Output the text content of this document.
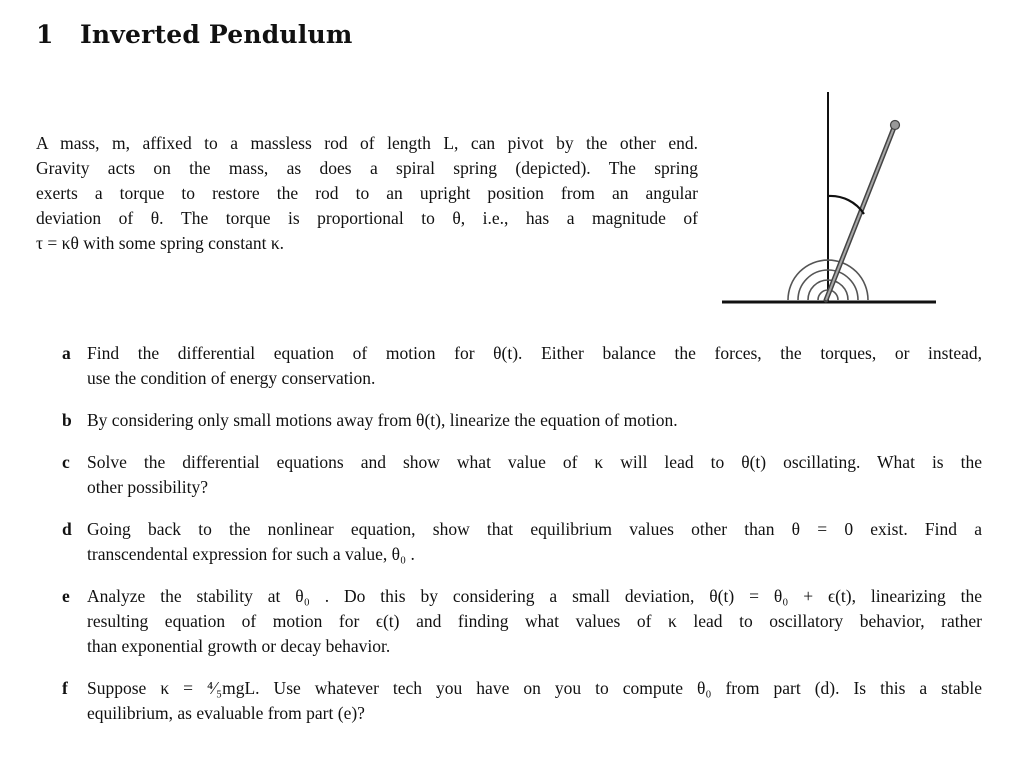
1 Inverted Pendulum
A mass, m, affixed to a massless rod of length L, can pivot by the other end.
Gravity acts on the mass, as does a spiral spring (depicted). The spring
exerts a torque to restore the rod to an upright position from an angular
deviation of θ. The torque is proportional to θ, i.e., has a magnitude of
τ = κθ with some spring constant κ.
a Find the differential equation of motion for θ(t). Either balance the forces, the torques, or instead,
use the condition of energy conservation.
b By considering only small motions away from θ(t), linearize the equation of motion.
c Solve the differential equations and show what value of κ will lead to θ(t) oscillating. What is the
other possibility?
d Going back to the nonlinear equation, show that equilibrium values other than θ = 0 exist. Find a
transcendental expression for such a value, θ₀ .
e Analyze the stability at θ₀ . Do this by considering a small deviation, θ(t) = θ₀ + ϵ(t), linearizing the
resulting equation of motion for ϵ(t) and finding what values of κ lead to oscillatory behavior, rather
than exponential growth or decay behavior.
f Suppose κ = ⁴⁄₅mgL. Use whatever tech you have on you to compute θ₀ from part (d). Is this a stable
equilibrium, as evaluable from part (e)?
